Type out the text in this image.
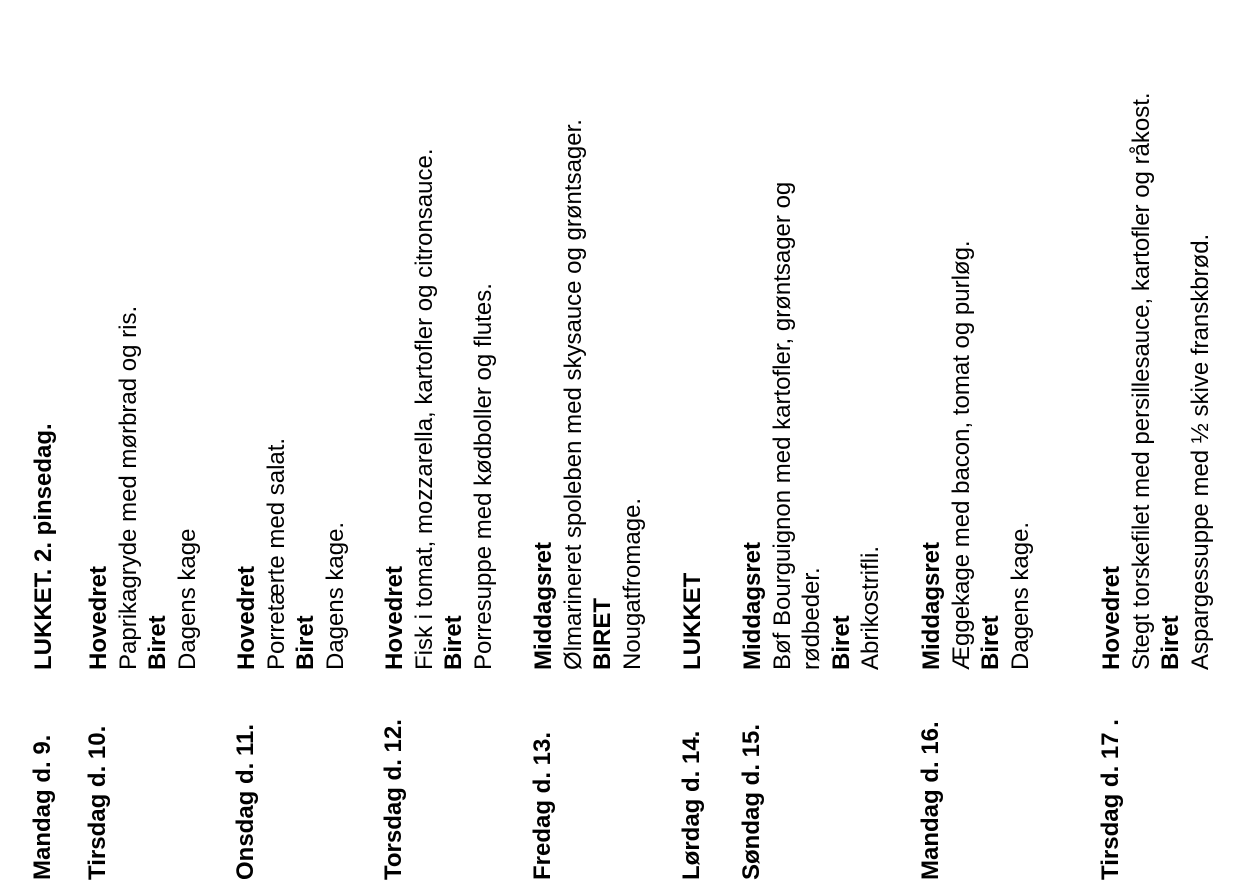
Mandag d. 9.
LUKKET. 2. pinsedag.
Tirsdag d. 10.
Hovedret Paprikagryde med mørbrad og ris. Biret Dagens kage
Onsdag d. 11.
Hovedret Porretærte med salat. Biret Dagens kage.
Torsdag d. 12.
Hovedret Fisk i tomat, mozzarella, kartofler og citronsauce. Biret Porresuppe med kødboller og flutes.
Fredag d. 13.
Middagsret Ølmarineret spoleben med skysauce og grøntsager. BIRET Nougatfromage.
Lørdag d. 14.
LUKKET
Søndag d. 15.
Middagsret Bøf Bourguignon med kartofler, grøntsager og rødbeder. Biret Abrikostrifli.
Mandag d. 16.
Middagsret Æggekage med bacon, tomat og purløg. Biret Dagens kage.
Tirsdag d. 17 .
Hovedret Stegt torskefilet med persillesauce, kartofler og råkost. Biret Aspargessuppe med ½ skive franskbrød.
